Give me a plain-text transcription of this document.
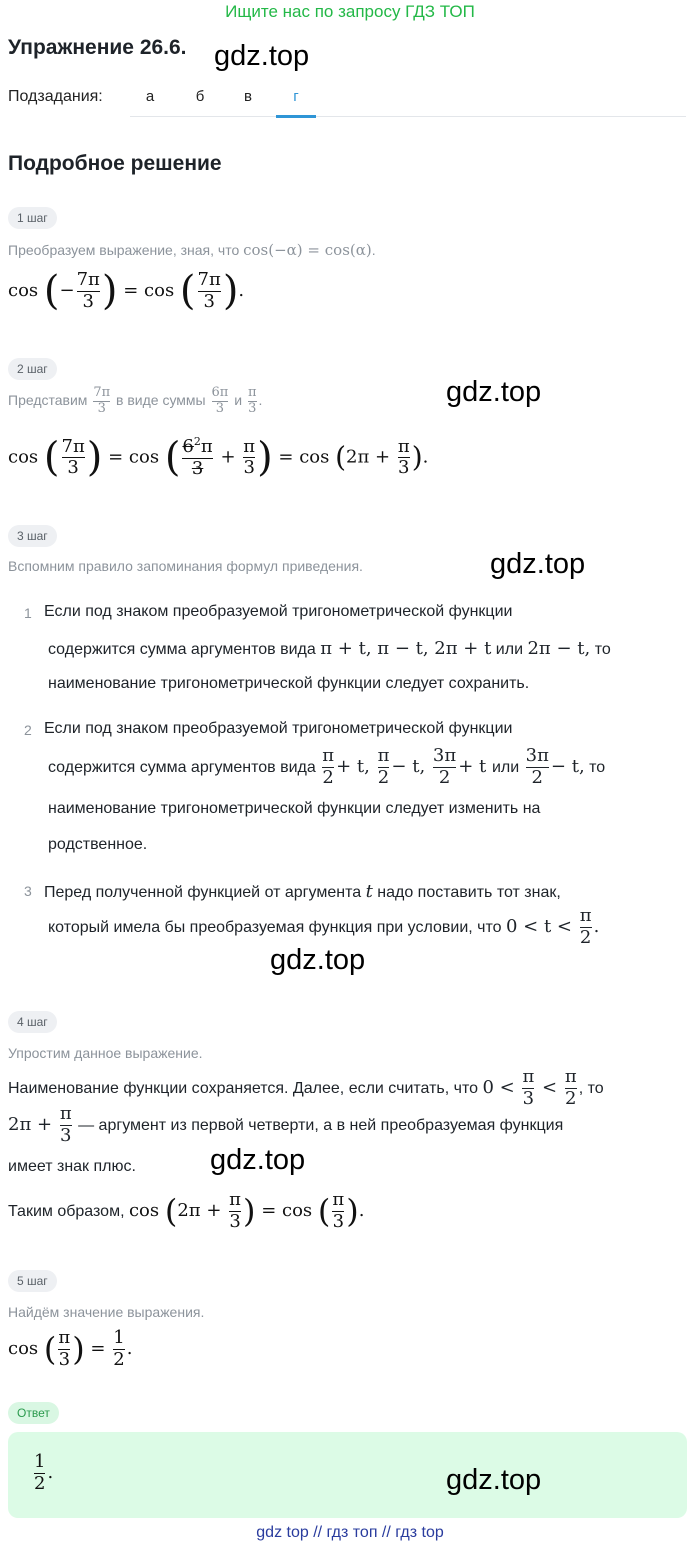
Ищите нас по запросу ГДЗ ТОП
Упражнение 26.6. gdz.top
Подзадания:	а	б	в	г
Подробное решение
1 шаг
Преобразуем выражение, зная, что cos(−α) = cos(α).
cos (− $\frac{7\pi}{3}$ ) = cos ( $\frac{7\pi}{3}$ ).
2 шаг
Представим $\frac{7\pi}{3}$ в виде суммы $\frac{6\pi}{3}$ и $\frac{\pi}{3}$ .	gdz.top
cos ( $\frac{7\pi}{3}$ ) = cos ( $\frac{6^2\pi}{3} + \frac{\pi}{3}$ ) = $\cos (2\pi + \frac{\pi}{3}$ ).
3 шаг
Вспомним правило запоминания формул приведения.	gdz.top
1 Если под знаком преобразуемой тригонометрической функции
содержится сумма аргументов вида π + t, π − t, 2π + t или 2π − t, то
наименование тригонометрической функции следует сохранить.
2 Если под знаком преобразуемой тригонометрической функции
содержится сумма аргументов вида $\frac{\pi}{2} + t$, $\frac{\pi}{2} - t$, $\frac{3\pi}{2} + t$ или $\frac{3\pi}{2} - t$, то
наименование тригонометрической функции следует изменить на
родственное.
3 Перед полученной функцией от аргумента t надо поставить тот знак,
который имела бы преобразуемая функция при условии, что $0 < t < \frac{\pi}{2}$ .
gdz.top
4 шаг
Упростим данное выражение.
Наименование функции сохраняется. Далее, если считать, что $0 < \frac{\pi}{3} < \frac{\pi}{2}$ , то
$2\pi + \frac{\pi}{3}$ — аргумент из первой четверти, а в ней преобразуемая функция
имеет знак плюс.	gdz.top
Таким образом, $\cos (2\pi + \frac{\pi}{3}$ ) = cos ( $\frac{\pi}{3}$ ).
5 шаг
Найдём значение выражения.
cos ( $\frac{\pi}{3}$ ) = $\frac{1}{2}$ .
Ответ
$\frac{1}{2}$ .	gdz.top
gdz top // гдз топ // гдз top
